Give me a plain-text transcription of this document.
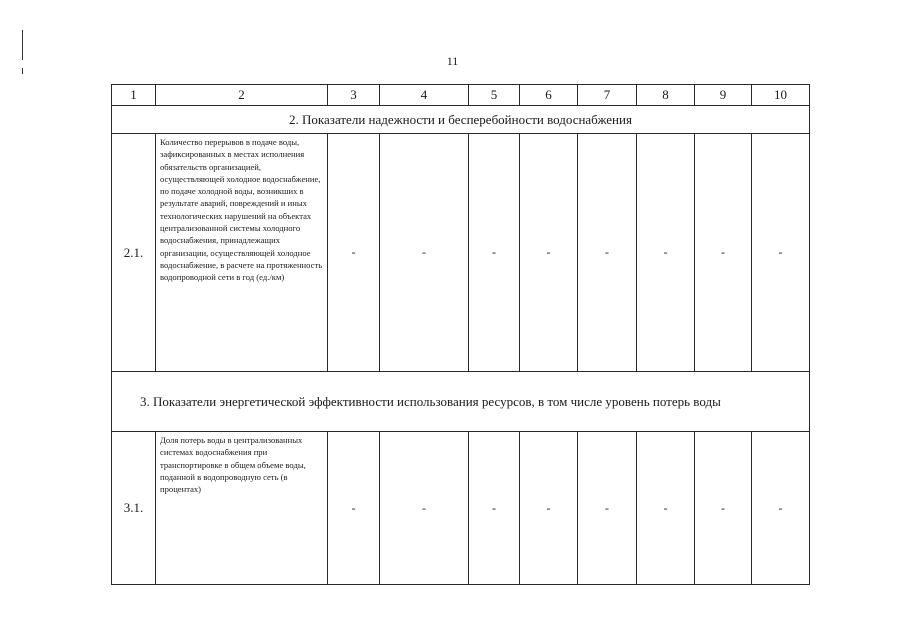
11
1	2	3	4	5	6	7	8	9	10
2. Показатели надежности и бесперебойности водоснабжения									
2.1.	Количество перерывов в подаче воды, зафиксированных в местах исполнения обязательств организацией, осуществляющей холодное водоснабжение, по подаче холодной воды, возникших в результате аварий, повреждений и иных технологических нарушений на объектах централизованной системы холодного водоснабжения, принадлежащих организации, осуществляющей холодное водоснабжение, в расчете на протяженность водопроводной сети в год (ед./км)	-	-	-	-	-	-	-	-
3. Показатели энергетической эффективности использования ресурсов, в том числе уровень потерь воды									
3.1.	Доля потерь воды в централизованных системах водоснабжения при транспортировке в общем объеме воды, поданной в водопроводную сеть (в процентах)	-	-	-	-	-	-	-	-
